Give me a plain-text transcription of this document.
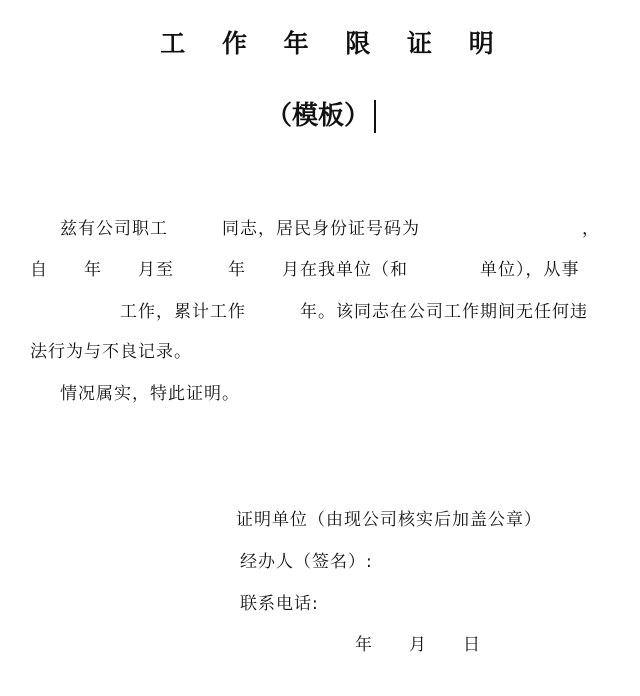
工 作 年 限 证 明
（模板）
兹有公司职工　　　同志，居民身份证号码为　　　　　　　　　，
自　　年　　月至　　　年　　月在我单位（和　　　　单位），从事
　　　　　工作，累计工作　　　年。该同志在公司工作期间无任何违
法行为与不良记录。
情况属实，特此证明。
证明单位（由现公司核实后加盖公章）
经办人（签名）:
联系电话:
年　　月　　日
